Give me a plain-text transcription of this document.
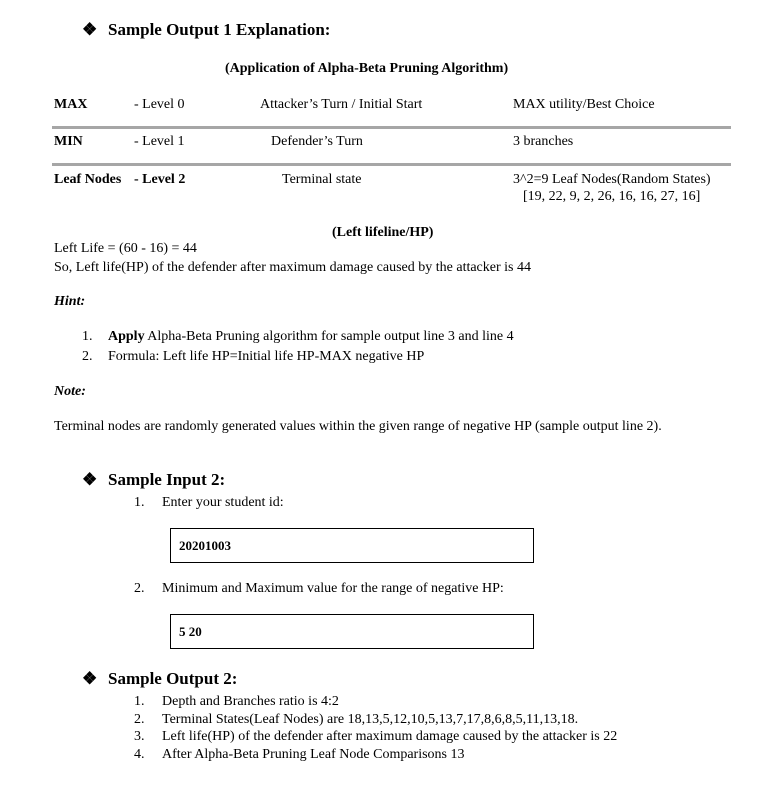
❖ Sample Output 1 Explanation:
(Application of Alpha-Beta Pruning Algorithm)
MAX	- Level 0	Attacker’s Turn / Initial Start	MAX utility/Best Choice
MIN	- Level 1	Defender’s Turn	3 branches
Leaf Nodes - Level 2	Terminal state	3^2=9 Leaf Nodes(Random States)
[19, 22, 9, 2, 26, 16, 16, 27, 16]
(Left lifeline/HP)
Left Life = (60 - 16) = 44
So, Left life(HP) of the defender after maximum damage caused by the attacker is 44
Hint:
1. Apply Alpha-Beta Pruning algorithm for sample output line 3 and line 4
2. Formula: Left life HP=Initial life HP-MAX negative HP
Note:
Terminal nodes are randomly generated values within the given range of negative HP (sample output line 2).
❖ Sample Input 2:
1. Enter your student id:
20201003
2. Minimum and Maximum value for the range of negative HP:
5 20
❖ Sample Output 2:
1. Depth and Branches ratio is 4:2
2. Terminal States(Leaf Nodes) are 18,13,5,12,10,5,13,7,17,8,6,8,5,11,13,18.
3. Left life(HP) of the defender after maximum damage caused by the attacker is 22
4. After Alpha-Beta Pruning Leaf Node Comparisons 13
